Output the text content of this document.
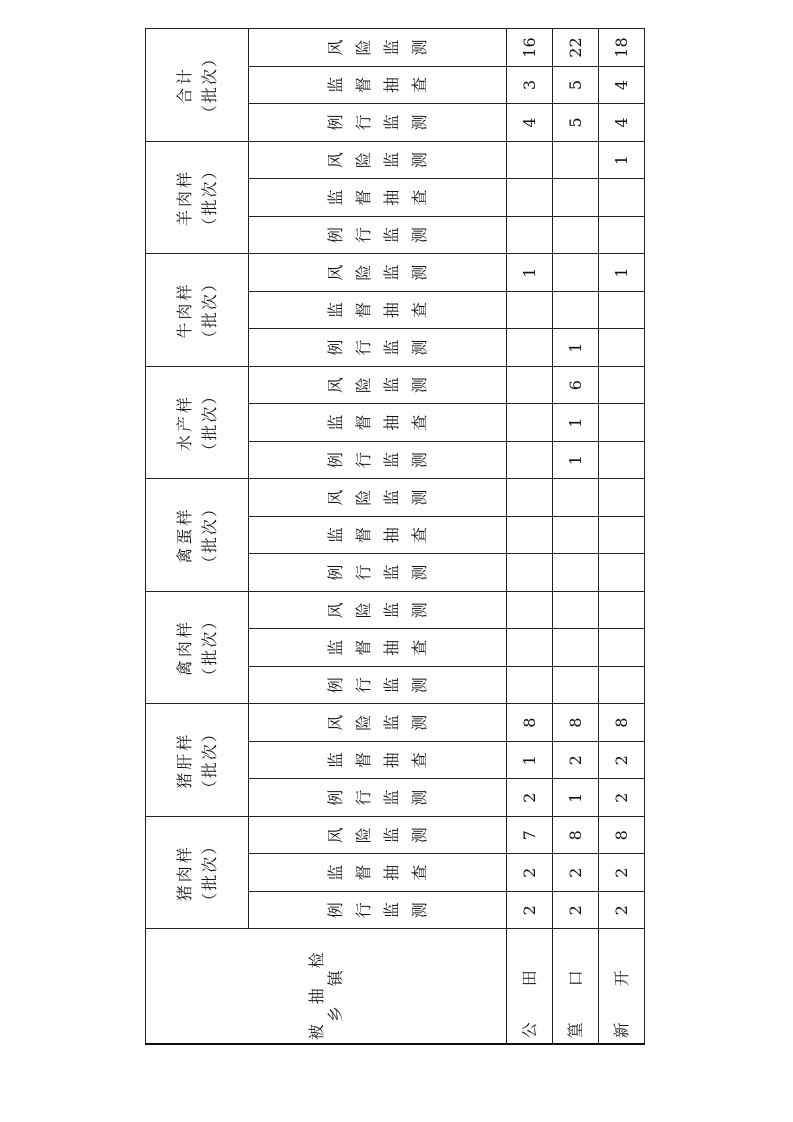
被抽检乡镇	猪肉样 （批次）			猪肝样 （批次）			禽肉样 （批次）			禽蛋样 （批次）			水产样 （批次）			牛肉样 （批次）			羊肉样 （批次）			合计 （批次）		

	例 行 监 测	监 督 抽 查	风 险 监 测	例 行 监 测	监 督 抽 查	风 险 监 测	例 行 监 测	监 督 抽 查	风 险 监 测	例 行 监 测	监 督 抽 查	风 险 监 测	例 行 监 测	监 督 抽 查	风 险 监 测	例 行 监 测	监 督 抽 查	风 险 监 测	例 行 监 测	监 督 抽 查	风 险 监 测	例 行 监 测	监 督 抽 查	风 险 监 测

公田	2	2	7	2	1	8												1				4	3	16
篁口	2	2	8	1	2	8							1	1	6	1						5	5	22
新开	2	2	8	2	2	8												1			1	4	4	18
